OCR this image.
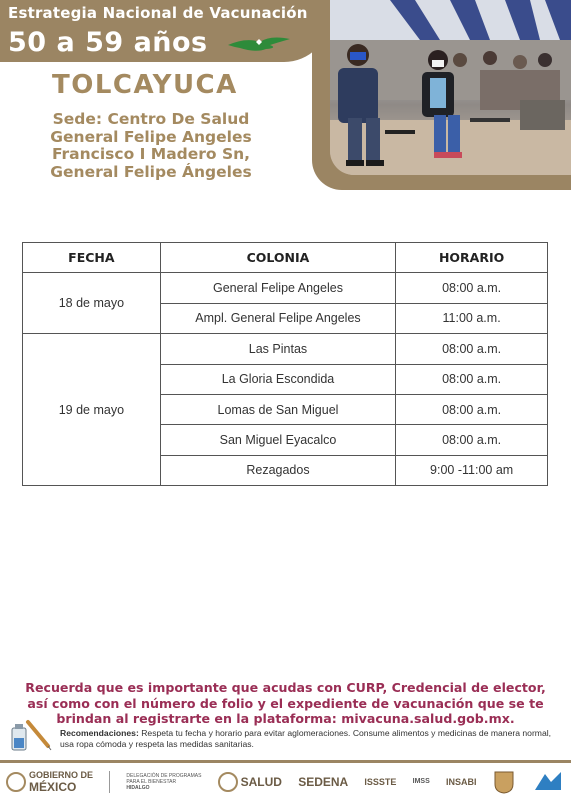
Estrategia Nacional de Vacunación
50 a 59 años
TOLCAYUCA
Sede: Centro De Salud
General Felipe Angeles
Francisco I Madero Sn,
General Felipe Ángeles
FECHA	COLONIA	HORARIO
18 de mayo	General Felipe Angeles	08:00 a.m.
	Ampl. General Felipe Angeles	11:00 a.m.
19 de mayo	Las Pintas	08:00 a.m.
	La Gloria Escondida	08:00 a.m.
	Lomas de San Miguel	08:00 a.m.
	San Miguel Eyacalco	08:00 a.m.
	Rezagados	9:00 -11:00 am
Recuerda que es importante que acudas con CURP, Credencial de elector,
así como con el número de folio y el expediente de vacunación que se te
brindan al registrarte en la plataforma: mivacuna.salud.gob.mx.
Recomendaciones: Respeta tu fecha y horario para evitar aglomeraciones. Consume alimentos y medicinas de manera normal, usa ropa cómoda y respeta las medidas sanitarias.
GOBIERNO DE
MÉXICO
DELEGACIÓN DE PROGRAMAS
PARA EL BIENESTAR
HIDALGO	SALUD SEDENA ISSSTE IMSS INSABI
